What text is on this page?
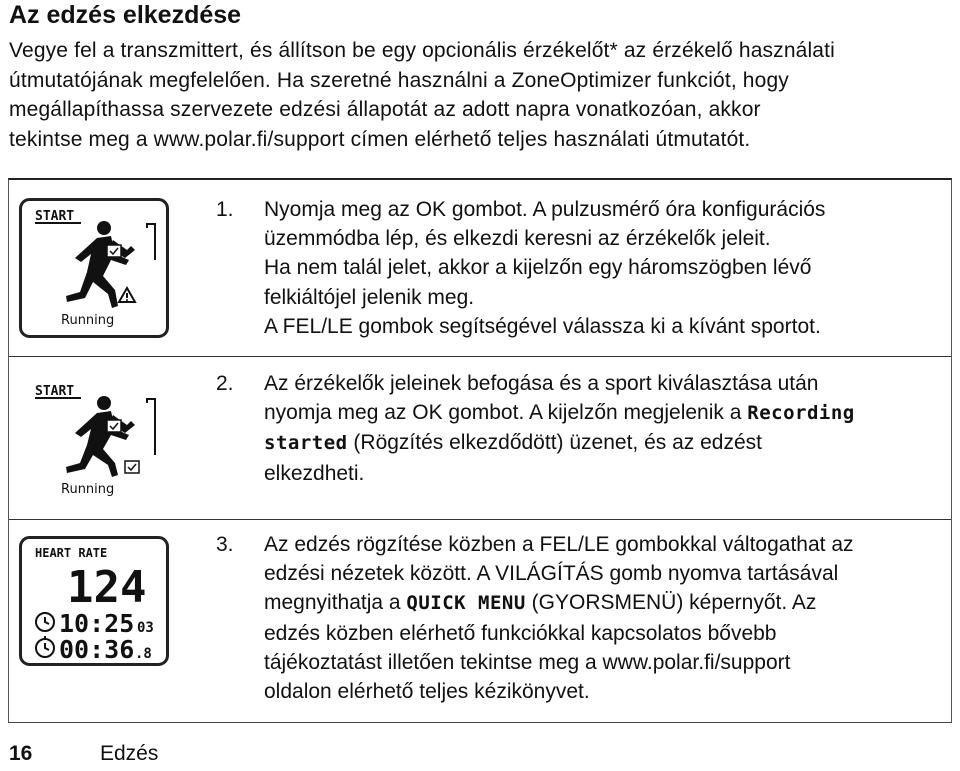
Az edzés elkezdése
Vegye fel a transzmittert, és állítson be egy opcionális érzékelőt* az érzékelő használati
útmutatójának megfelelően. Ha szeretné használni a ZoneOptimizer funkciót, hogy
megállapíthassa szervezete edzési állapotát az adott napra vonatkozóan, akkor
tekintse meg a www.polar.fi/support címen elérhető teljes használati útmutatót.
START
Running
1.	Nyomja meg az OK gombot. A pulzusmérő óra konfigurációs
üzemmódba lép, és elkezdi keresni az érzékelők jeleit.
Ha nem talál jelet, akkor a kijelzőn egy háromszögben lévő
felkiáltójel jelenik meg.
A FEL/LE gombok segítségével válassza ki a kívánt sportot.
START
Running
2.	Az érzékelők jeleinek befogása és a sport kiválasztása után
nyomja meg az OK gombot. A kijelzőn megjelenik a Recording
started (Rögzítés elkezdődött) üzenet, és az edzést
elkezdheti.
HEART RATE
124
10:25 03
00:36 .8
3.	Az edzés rögzítése közben a FEL/LE gombokkal váltogathat az
edzési nézetek között. A VILÁGÍTÁS gomb nyomva tartásával
megnyithatja a QUICK MENU (GYORSMENÜ) képernyőt. Az
edzés közben elérhető funkciókkal kapcsolatos bővebb
tájékoztatást illetően tekintse meg a www.polar.fi/support
oldalon elérhető teljes kézikönyvet.
16	Edzés
